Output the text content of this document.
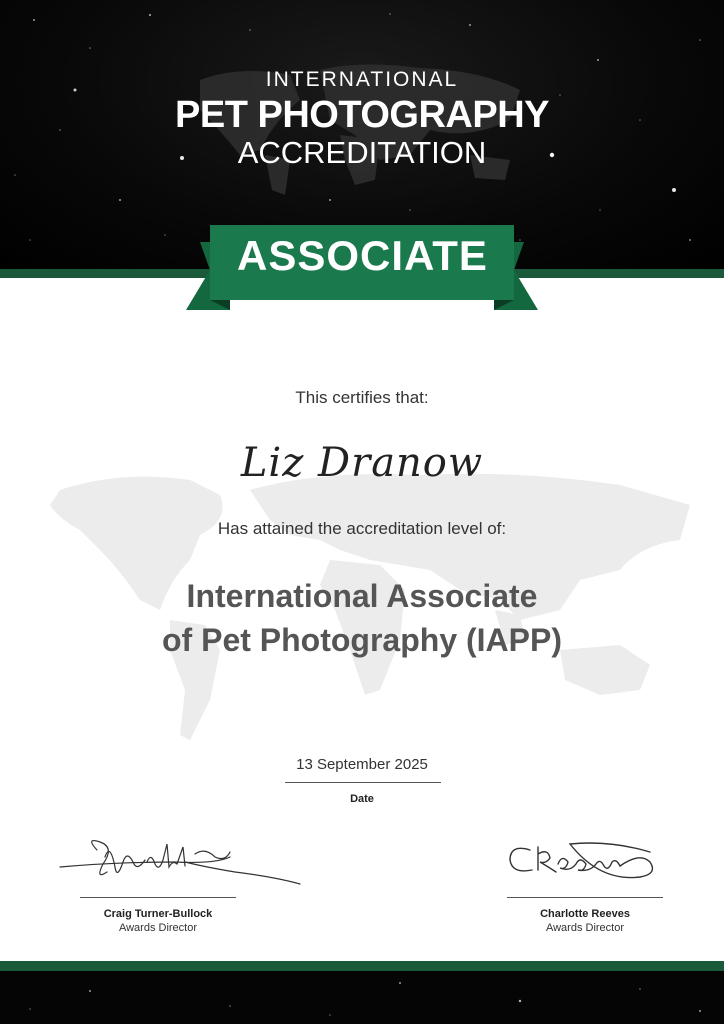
INTERNATIONAL
PET PHOTOGRAPHY
ACCREDITATION
ASSOCIATE
This certifies that:
Liz Dranow
Has attained the accreditation level of:
International Associate
of Pet Photography (IAPP)
13 September 2025
Date
Craig Turner-Bullock
Awards Director
Charlotte Reeves
Awards Director
